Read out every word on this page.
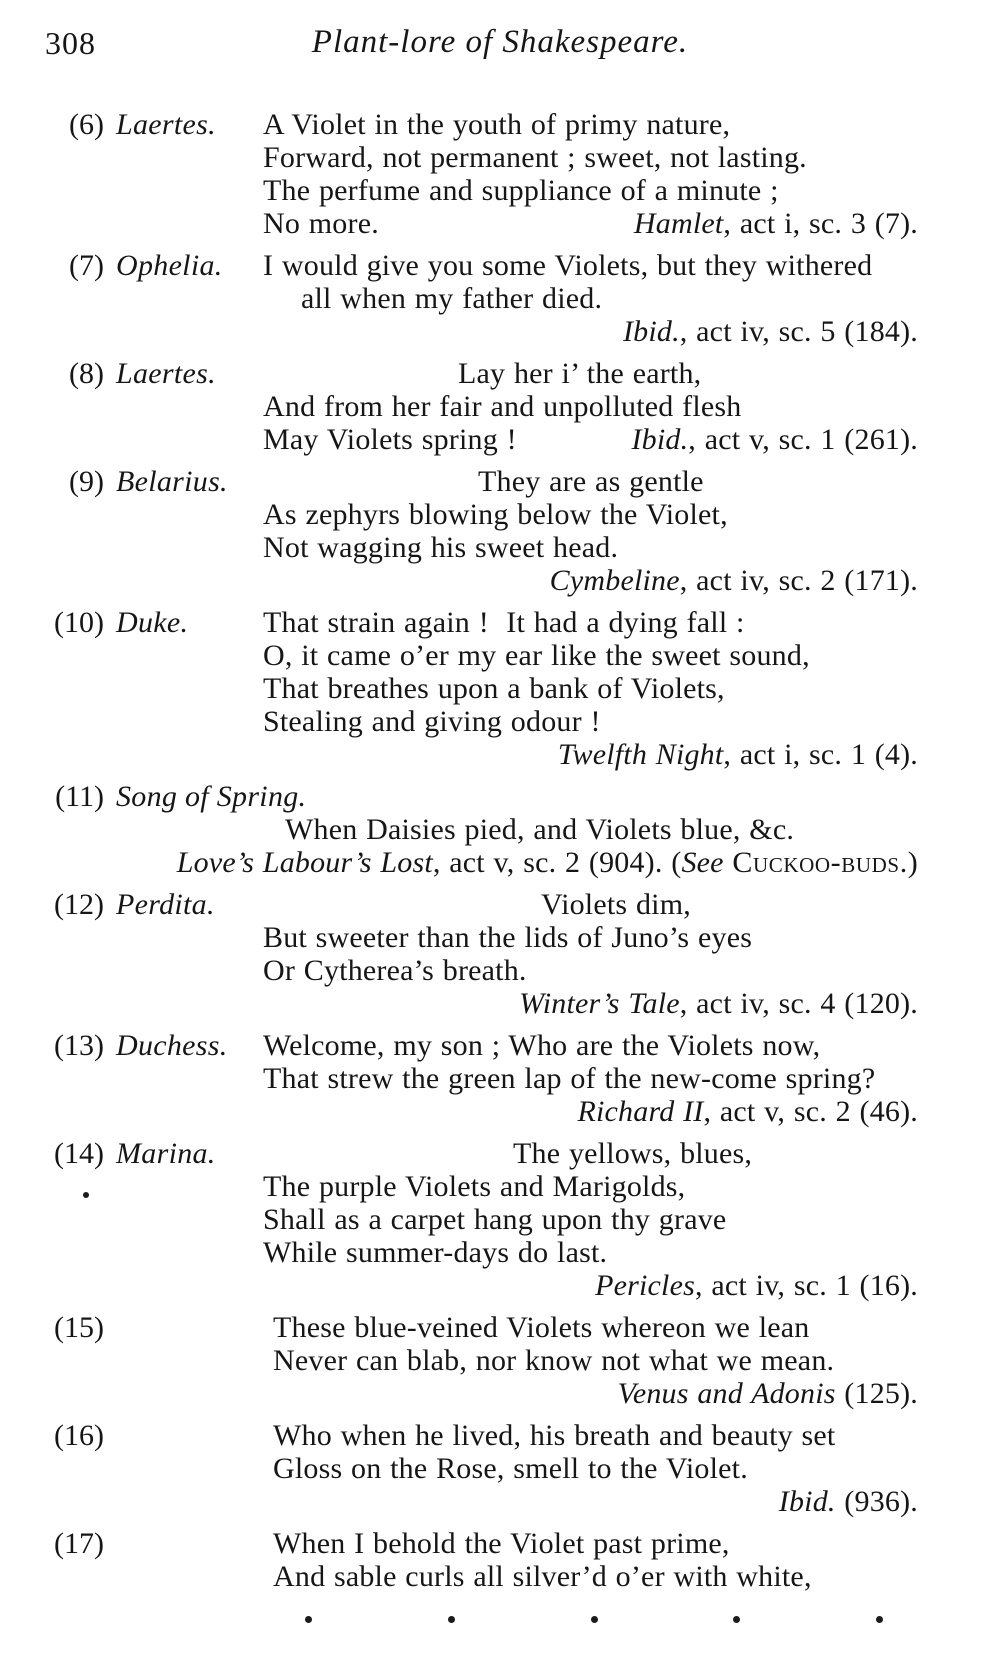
308	Plant-lore of Shakespeare.
(6) Laertes. A Violet in the youth of primy nature,
Forward, not permanent ; sweet, not lasting.
The perfume and suppliance of a minute ;
No more.	Hamlet, act i, sc. 3 (7).
(7) Ophelia. I would give you some Violets, but they withered
all when my father died.
Ibid., act iv, sc. 5 (184).
(8) Laertes.	Lay her i’ the earth,
And from her fair and unpolluted flesh
May Violets spring !	Ibid., act v, sc. 1 (261).
(9) Belarius.	They are as gentle
As zephyrs blowing below the Violet,
Not wagging his sweet head.
Cymbeline, act iv, sc. 2 (171).
(10) Duke. That strain again !  It had a dying fall :
O, it came o’er my ear like the sweet sound,
That breathes upon a bank of Violets,
Stealing and giving odour !
Twelfth Night, act i, sc. 1 (4).
(11) Song of Spring.
When Daisies pied, and Violets blue, &c.
Love’s Labour’s Lost, act v, sc. 2 (904). (See Cuckoo-buds.)
(12) Perdita.	Violets dim,
But sweeter than the lids of Juno’s eyes
Or Cytherea’s breath.
Winter’s Tale, act iv, sc. 4 (120).
(13) Duchess. Welcome, my son ; Who are the Violets now,
That strew the green lap of the new-come spring?
Richard II, act v, sc. 2 (46).
(14) Marina.	The yellows, blues,
The purple Violets and Marigolds,
Shall as a carpet hang upon thy grave
While summer-days do last.
Pericles, act iv, sc. 1 (16).
(15)	These blue-veined Violets whereon we lean
Never can blab, nor know not what we mean.
Venus and Adonis (125).
(16)	Who when he lived, his breath and beauty set
Gloss on the Rose, smell to the Violet.
Ibid. (936).
(17)	When I behold the Violet past prime,
And sable curls all silver’d o’er with white,
